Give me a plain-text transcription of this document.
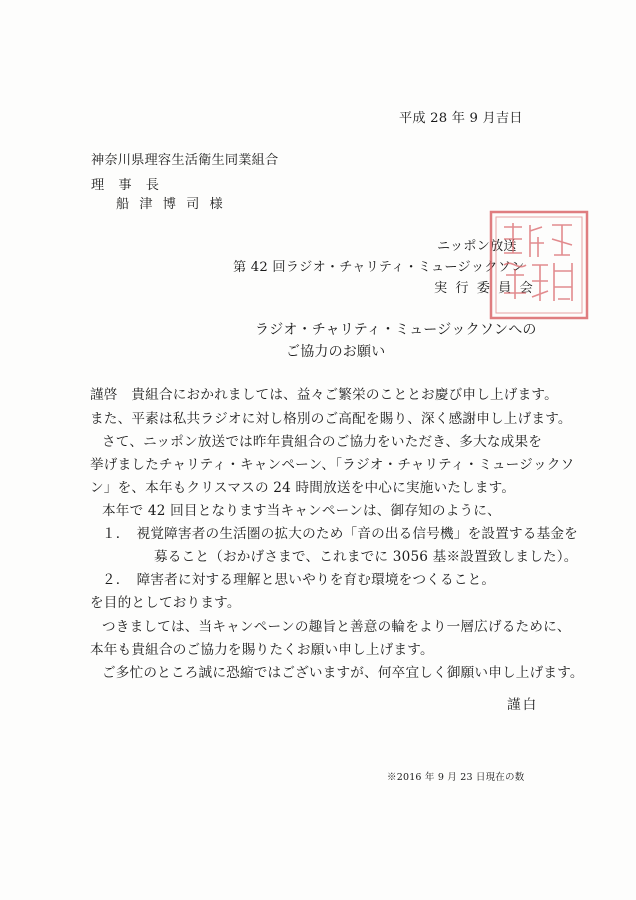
平成 28 年 9 月吉日
神奈川県理容生活衛生同業組合
理 事 長
船 津 博 司 様
ニッポン放送
第 42 回ラジオ・チャリティ・ミュージックソン
実 行 委 員 会
ラジオ・チャリティ・ミュージックソンへの
ご協力のお願い
謹啓　貴組合におかれましては、益々ご繁栄のこととお慶び申し上げます。
また、平素は私共ラジオに対し格別のご高配を賜り、深く感謝申し上げます。
さて、ニッポン放送では昨年貴組合のご協力をいただき、多大な成果を
挙げましたチャリティ・キャンペーン、「ラジオ・チャリティ・ミュージックソ
ン」を、本年もクリスマスの 24 時間放送を中心に実施いたします。
本年で 42 回目となります当キャンペーンは、御存知のように、
１．　視覚障害者の生活圏の拡大のため「音の出る信号機」を設置する基金を
募ること（おかげさまで、これまでに 3056 基※設置致しました）。
２．　障害者に対する理解と思いやりを育む環境をつくること。
を目的としております。
つきましては、当キャンペーンの趣旨と善意の輪をより一層広げるために、
本年も貴組合のご協力を賜りたくお願い申し上げます。
ご多忙のところ誠に恐縮ではございますが、何卒宜しく御願い申し上げます。
謹白
※2016 年 9 月 23 日現在の数
